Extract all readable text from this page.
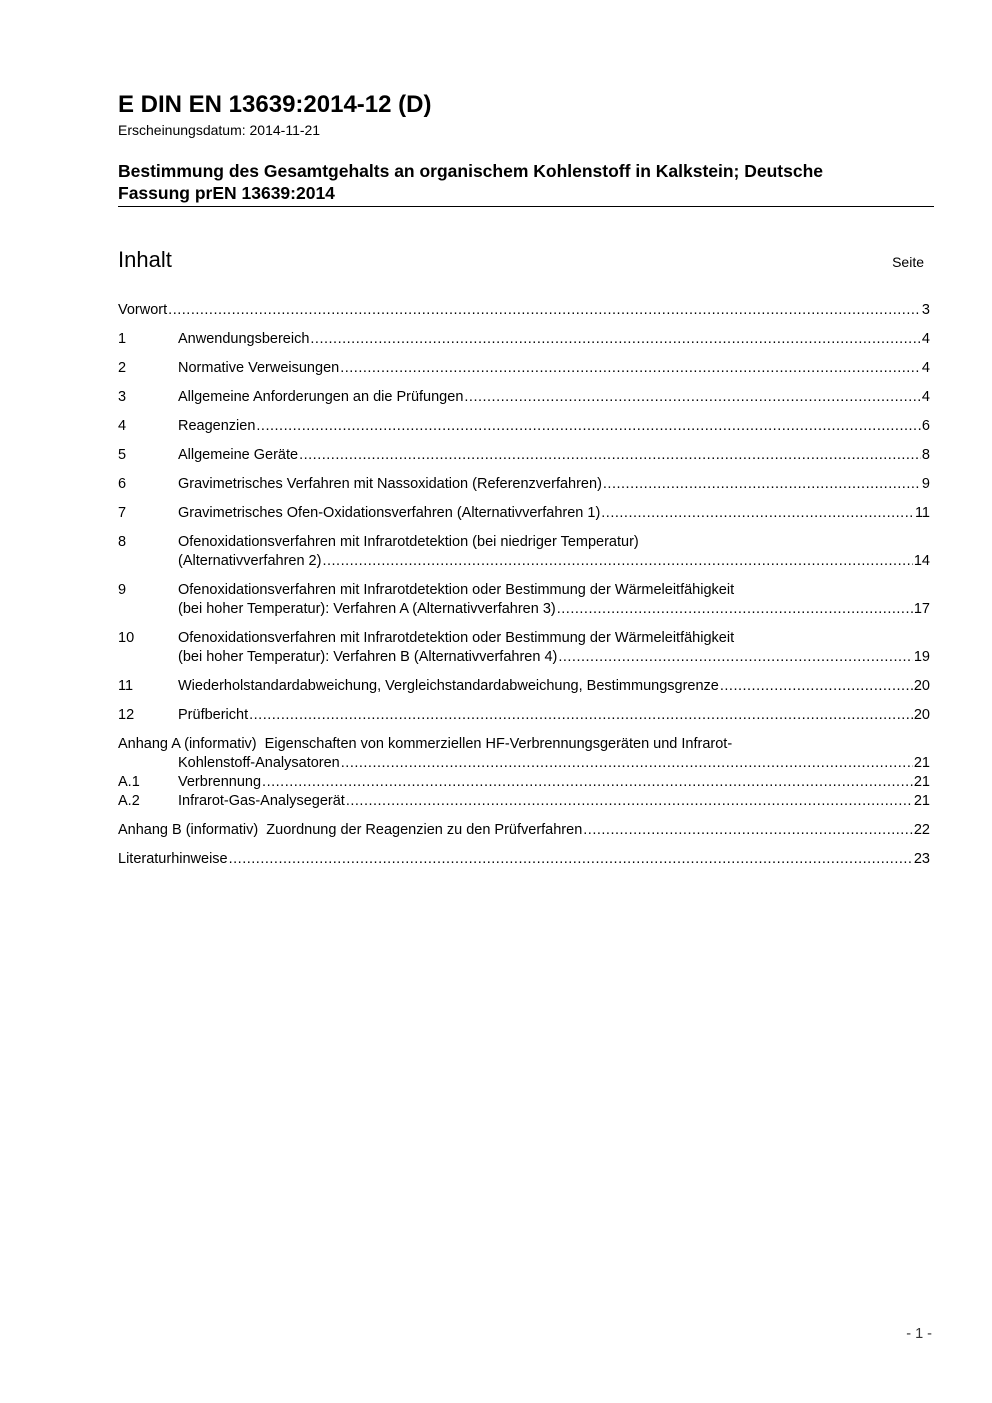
E DIN EN 13639:2014-12 (D)
Erscheinungsdatum: 2014-11-21
Bestimmung des Gesamtgehalts an organischem Kohlenstoff in Kalkstein; Deutsche
Fassung prEN 13639:2014
Inhalt	Seite
Vorwort .....	3
1	Anwendungsbereich .....	4
2	Normative Verweisungen .....	4
3	Allgemeine Anforderungen an die Prüfungen .....	4
4	Reagenzien .....	6
5	Allgemeine Geräte .....	8
6	Gravimetrisches Verfahren mit Nassoxidation (Referenzverfahren) .....	9
7	Gravimetrisches Ofen-Oxidationsverfahren (Alternativverfahren 1) .....	11
8	Ofenoxidationsverfahren mit Infrarotdetektion (bei niedriger Temperatur)
(Alternativverfahren 2) .....	14
9	Ofenoxidationsverfahren mit Infrarotdetektion oder Bestimmung der Wärmeleitfähigkeit
(bei hoher Temperatur): Verfahren A (Alternativverfahren 3) .....	17
10	Ofenoxidationsverfahren mit Infrarotdetektion oder Bestimmung der Wärmeleitfähigkeit
(bei hoher Temperatur): Verfahren B (Alternativverfahren 4) .....	19
11	Wiederholstandardabweichung, Vergleichstandardabweichung, Bestimmungsgrenze .....	20
12	Prüfbericht .....	20
Anhang A (informativ)  Eigenschaften von kommerziellen HF-Verbrennungsgeräten und Infrarot-
Kohlenstoff-Analysatoren .....	21
A.1	Verbrennung .....	21
A.2	Infrarot-Gas-Analysegerät .....	21
Anhang B (informativ)  Zuordnung der Reagenzien zu den Prüfverfahren .....	22
Literaturhinweise .....	23
- 1 -
